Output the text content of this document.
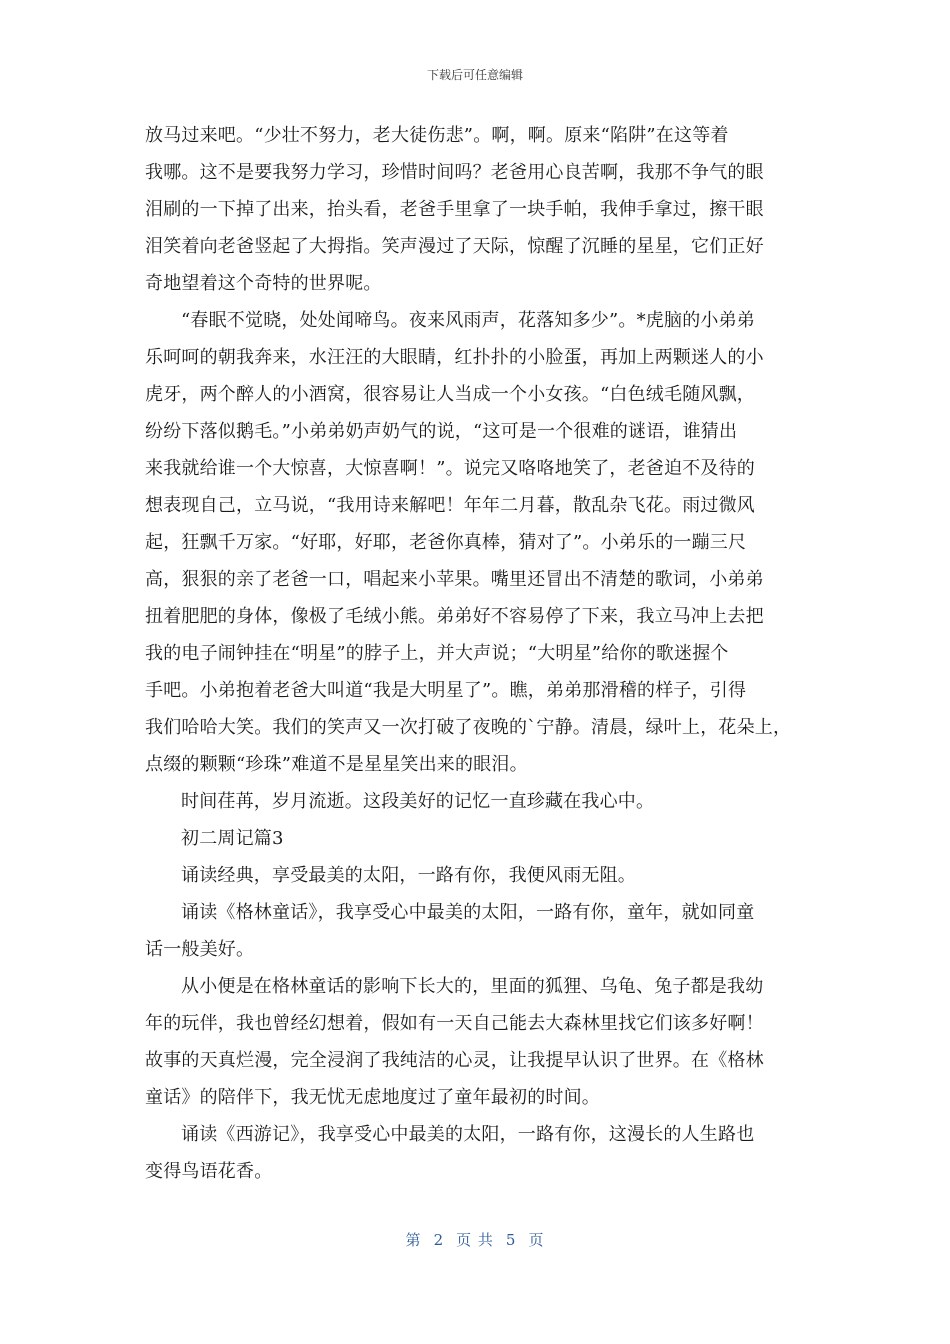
下载后可任意编辑

放马过来吧。“少壮不努力，老大徒伤悲”。啊，啊。原来“陷阱”在这等着
我哪。这不是要我努力学习，珍惜时间吗？老爸用心良苦啊，我那不争气的眼
泪刷的一下掉了出来，抬头看，老爸手里拿了一块手帕，我伸手拿过，擦干眼
泪笑着向老爸竖起了大拇指。笑声漫过了天际，惊醒了沉睡的星星，它们正好
奇地望着这个奇特的世界呢。

“春眠不觉晓，处处闻啼鸟。夜来风雨声，花落知多少”。*虎脑的小弟弟
乐呵呵的朝我奔来，水汪汪的大眼睛，红扑扑的小脸蛋，再加上两颗迷人的小
虎牙，两个醉人的小酒窝，很容易让人当成一个小女孩。“白色绒毛随风飘，
纷纷下落似鹅毛。”小弟弟奶声奶气的说，“这可是一个很难的谜语，谁猜出
来我就给谁一个大惊喜，大惊喜啊！”。说完又咯咯地笑了，老爸迫不及待的
想表现自己，立马说，“我用诗来解吧！年年二月暮，散乱杂飞花。雨过微风
起，狂飘千万家。“好耶，好耶，老爸你真棒，猜对了”。小弟乐的一蹦三尺
高，狠狠的亲了老爸一口，唱起来小苹果。嘴里还冒出不清楚的歌词，小弟弟
扭着肥肥的身体，像极了毛绒小熊。弟弟好不容易停了下来，我立马冲上去把
我的电子闹钟挂在“明星”的脖子上，并大声说；“大明星”给你的歌迷握个
手吧。小弟抱着老爸大叫道“我是大明星了”。瞧，弟弟那滑稽的样子，引得
我们哈哈大笑。我们的笑声又一次打破了夜晚的`宁静。清晨，绿叶上，花朵上，
点缀的颗颗“珍珠”难道不是星星笑出来的眼泪。

时间荏苒，岁月流逝。这段美好的记忆一直珍藏在我心中。

初二周记篇3

诵读经典，享受最美的太阳，一路有你，我便风雨无阻。

诵读《格林童话》，我享受心中最美的太阳，一路有你，童年，就如同童
话一般美好。

从小便是在格林童话的影响下长大的，里面的狐狸、乌龟、兔子都是我幼
年的玩伴，我也曾经幻想着，假如有一天自己能去大森林里找它们该多好啊！
故事的天真烂漫，完全浸润了我纯洁的心灵，让我提早认识了世界。在《格林
童话》的陪伴下，我无忧无虑地度过了童年最初的时间。

诵读《西游记》，我享受心中最美的太阳，一路有你，这漫长的人生路也
变得鸟语花香。

第 2 页 共 5 页
